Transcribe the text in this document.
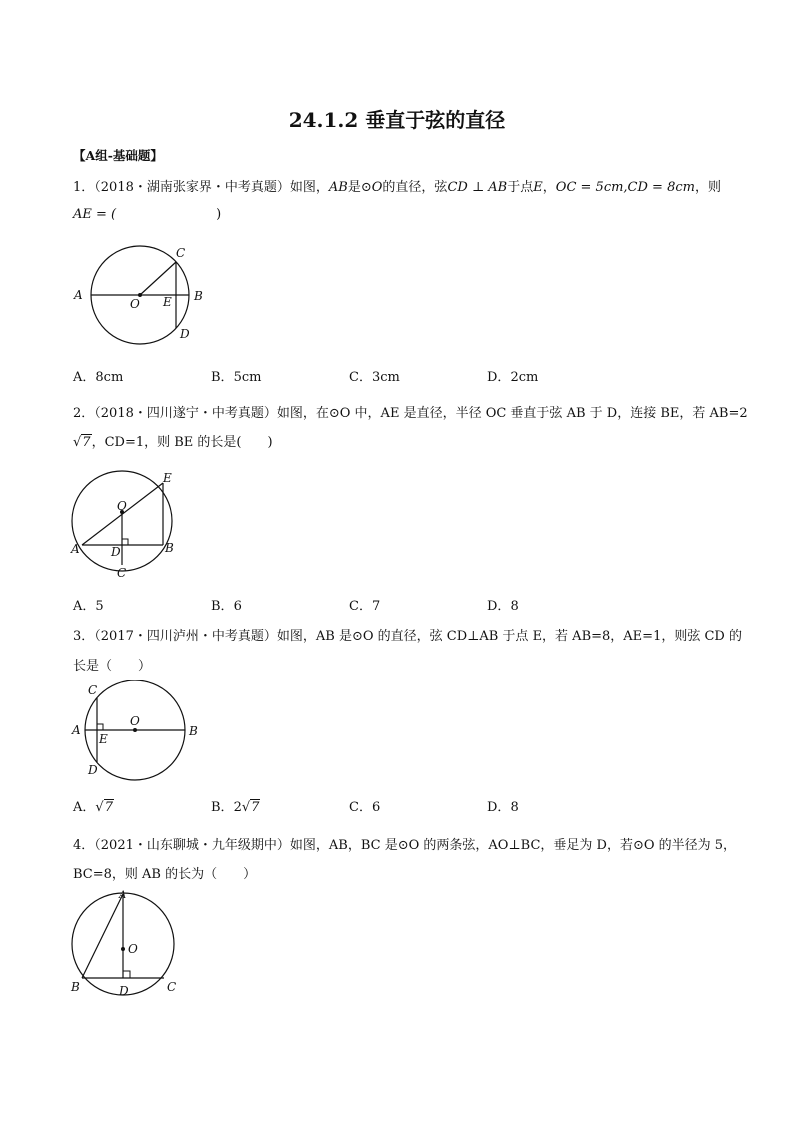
24.1.2 垂直于弦的直径
【A组-基础题】
1．（2018・湖南张家界・中考真题）如图，AB是⊙O的直径，弦CD ⊥ AB于点E，OC = 5cm,CD = 8cm，则
AE = (	)
A
O E B
C
D
A．8cm	B．5cm	C．3cm	D．2cm
2．（2018・四川遂宁・中考真题）如图，在⊙O 中，AE 是直径，半径 OC 垂直于弦 AB 于 D，连接 BE，若 AB=2
√7，CD=1，则 BE 的长是(　　)
E
O
A	D	B
C
A．5	B．6	C．7	D．8
3．（2017・四川泸州・中考真题）如图，AB 是⊙O 的直径，弦 CD⊥AB 于点 E，若 AB=8，AE=1，则弦 CD 的
长是（　　）
C
O
A
E
B
D
A．√7	B．2√7	C．6	D．8
4．（2021・山东聊城・九年级期中）如图，AB，BC 是⊙O 的两条弦，AO⊥BC，垂足为 D，若⊙O 的半径为 5，
BC=8，则 AB 的长为（　　）
A
O
B	D	C
